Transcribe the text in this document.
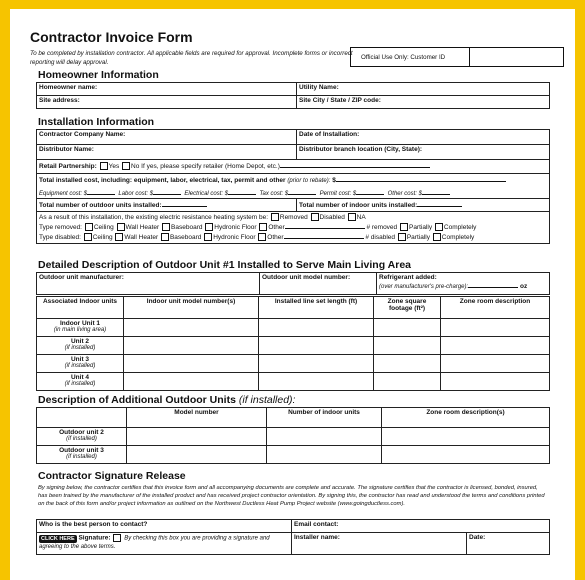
Contractor Invoice Form
To be completed by installation contractor. All applicable fields are required for approval. Incomplete forms or incorrect reporting will delay approval.
Official Use Only: Customer ID
Homeowner Information
Homeowner name:	Utility Name:
Site address:	Site City / State / ZIP code:
Installation Information
Contractor Company Name:	Date of Installation:
Distributor Name:	Distributor branch location (City, State):
Retail Partnership: Yes No If yes, please specify retailer (Home Depot, etc.)	
Total installed cost, including: equipment, labor, electrical, tax, permit and other (prior to rebate): $
Equipment cost: $ Labor cost: $ Electrical cost: $ Tax cost: $ Permit cost: $ Other cost: $	

Total number of outdoor units installed:	Total number of indoor units installed:
As a result of this installation, the existing electric resistance heating system be: Removed Disabled NA
Type removed: Ceiling Wall Heater Baseboard Hydronic Floor Other # removed Partially Completely
Type disabled: Ceiling Wall Heater Baseboard Hydronic Floor Other # disabled Partially Completely	
Detailed Description of Outdoor Unit #1 Installed to Serve Main Living Area
Outdoor unit manufacturer:	Outdoor unit model number:	Refrigerant added:
(over manufacturer's pre-charge):	oz
Associated Indoor units	Indoor unit model number(s)	Installed line set length (ft)	Zone square footage (ft²)	Zone room description

Indoor Unit 1
(in main living area)				

Unit 2
(if installed)				

Unit 3
(if installed)				

Unit 4
(if installed)				

Description of Additional Outdoor Units (if installed):
	Model number	Number of indoor units	Zone room description(s)

Outdoor unit 2
(if installed)			

Outdoor unit 3
(if installed)			

Contractor Signature Release
By signing below, the contractor certifies that this invoice form and all accompanying documents are complete and accurate. The signature certifies that the contractor is licensed, bonded, insured, has been trained by the manufacturer of the installed product and has received project contractor orientation. By signing this, the contractor has read and understood the terms and conditions printed on the back of this form and/or project information as outlined on the Northwest Ductless Heat Pump Project website (www.goingductless.com).
Who is the best person to contact?	Email contact:	
CLICK HERE Signature: By checking this box you are providing a signature and agreeing to the above terms.	Installer name:	Date:
